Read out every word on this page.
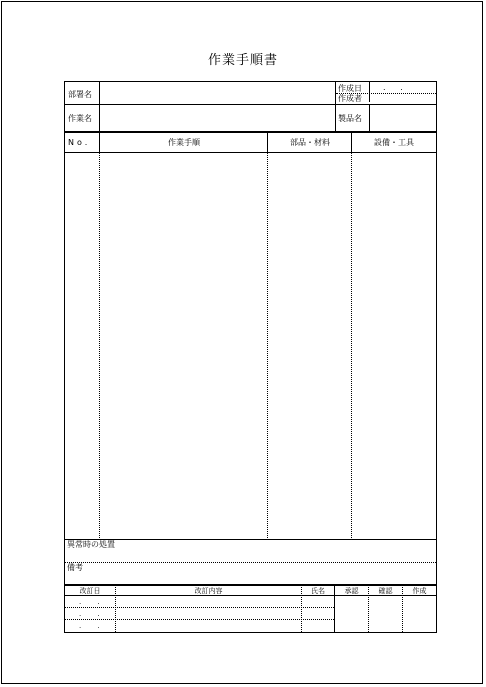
作業手順書
部署名
作成日	. .
作成者
作業名	製品名
No.	作業手順	部品・材料	設備・工具
異常時の処置
備考
改訂日	改訂内容	氏名	承認	確認	作成
. .
. .
. .
